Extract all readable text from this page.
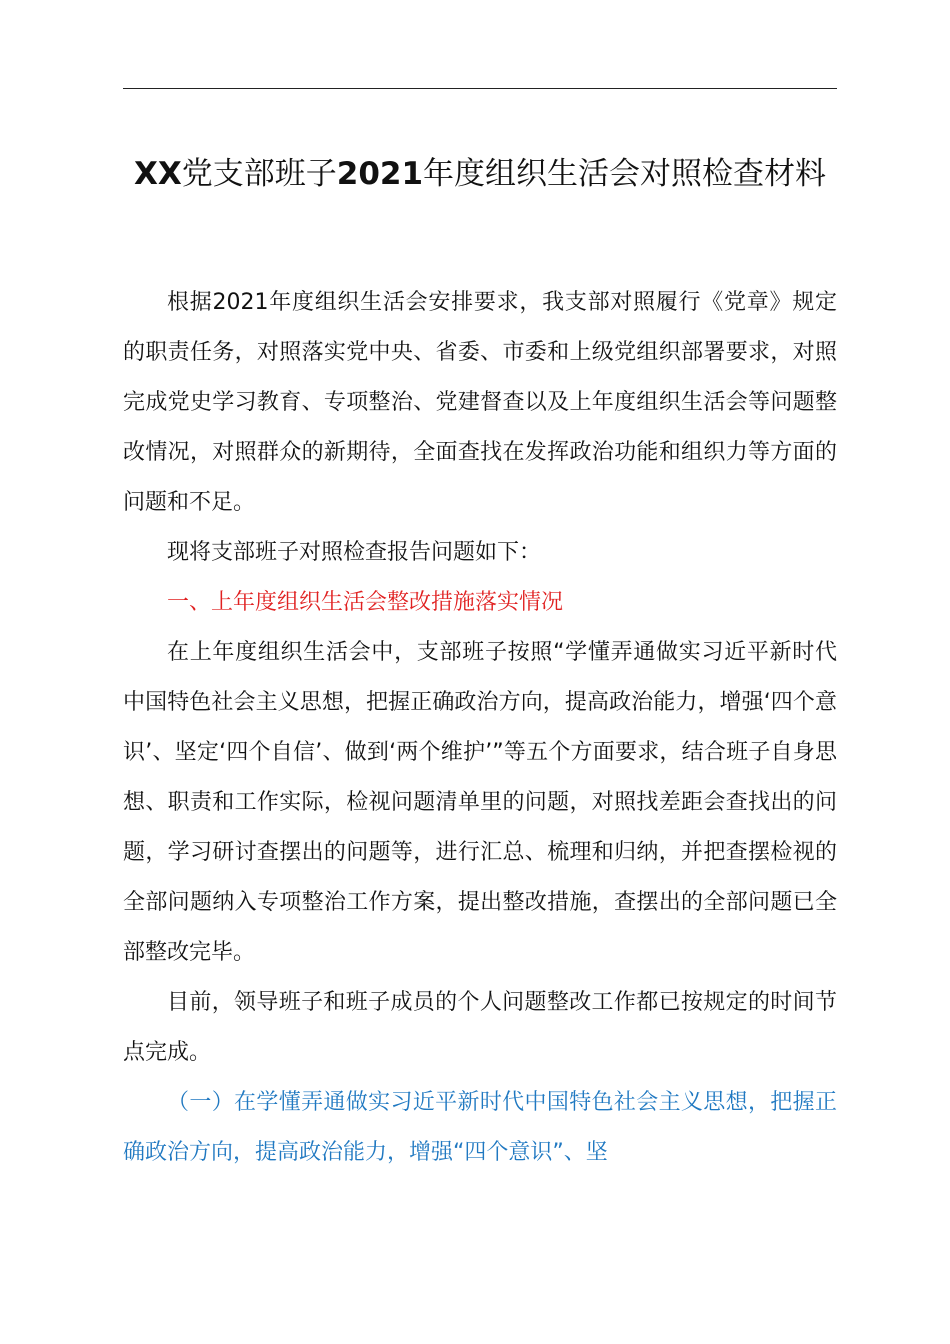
XX党支部班子2021年度组织生活会对照检查材料

根据2021年度组织生活会安排要求，我支部对照履行《党章》规定的职责任务，对照落实党中央、省委、市委和上级党组织部署要求，对照完成党史学习教育、专项整治、党建督查以及上年度组织生活会等问题整改情况，对照群众的新期待，全面查找在发挥政治功能和组织力等方面的问题和不足。

现将支部班子对照检查报告问题如下：

一、上年度组织生活会整改措施落实情况

在上年度组织生活会中，支部班子按照“学懂弄通做实习近平新时代中国特色社会主义思想，把握正确政治方向，提高政治能力，增强‘四个意识’、坚定‘四个自信’、做到‘两个维护’”等五个方面要求，结合班子自身思想、职责和工作实际，检视问题清单里的问题，对照找差距会查找出的问题，学习研讨查摆出的问题等，进行汇总、梳理和归纳，并把查摆检视的全部问题纳入专项整治工作方案，提出整改措施，查摆出的全部问题已全部整改完毕。

目前，领导班子和班子成员的个人问题整改工作都已按规定的时间节点完成。

（一）在学懂弄通做实习近平新时代中国特色社会主义思想，把握正确政治方向，提高政治能力，增强“四个意识”、坚
